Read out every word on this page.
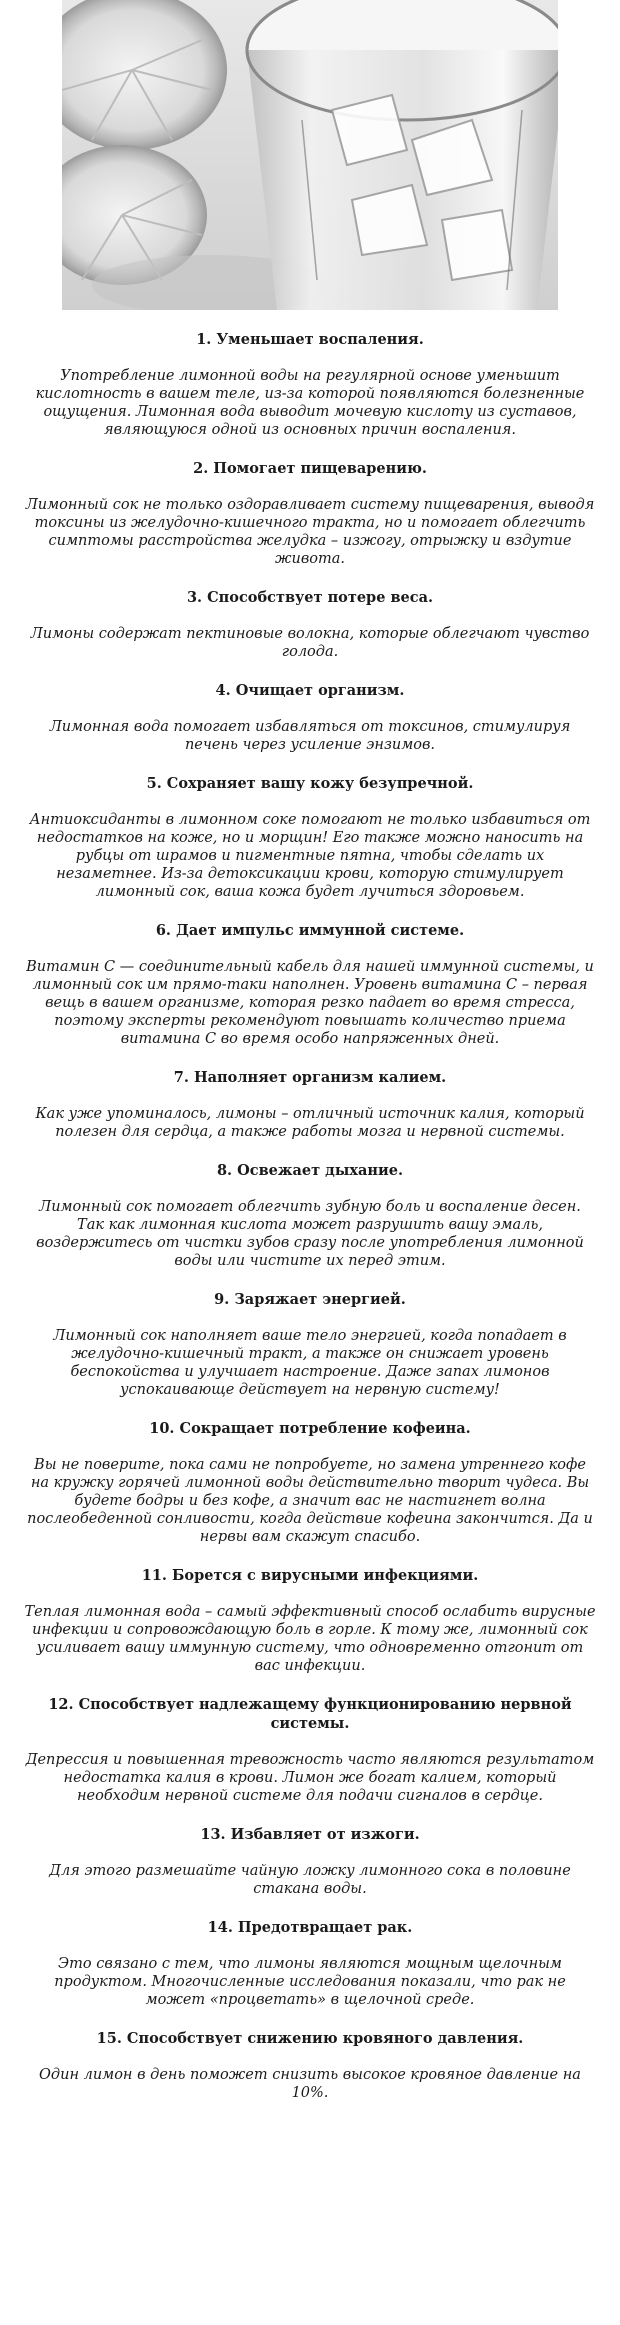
1. Уменьшает воспаления.

Употребление лимонной воды на регулярной основе уменьшит кислотность в вашем теле, из-за которой появляются болезненные ощущения. Лимонная вода выводит мочевую кислоту из суставов, являющуюся одной из основных причин воспаления.

2. Помогает пищеварению.

Лимонный сок не только оздоравливает систему пищеварения, выводя токсины из желудочно-кишечного тракта, но и помогает облегчить симптомы расстройства желудка – изжогу, отрыжку и вздутие живота.

3. Способствует потере веса.

Лимоны содержат пектиновые волокна, которые облегчают чувство голода.

4. Очищает организм.

Лимонная вода помогает избавляться от токсинов, стимулируя печень через усиление энзимов.

5. Сохраняет вашу кожу безупречной.

Антиоксиданты в лимонном соке помогают не только избавиться от недостатков на коже, но и морщин! Его также можно наносить на рубцы от шрамов и пигментные пятна, чтобы сделать их незаметнее. Из-за детоксикации крови, которую стимулирует лимонный сок, ваша кожа будет лучиться здоровьем.

6. Дает импульс иммунной системе.

Витамин С — соединительный кабель для нашей иммунной системы, и лимонный сок им прямо-таки наполнен. Уровень витамина С – первая вещь в вашем организме, которая резко падает во время стресса, поэтому эксперты рекомендуют повышать количество приема витамина С во время особо напряженных дней.

7. Наполняет организм калием.

Как уже упоминалось, лимоны – отличный источник калия, который полезен для сердца, а также работы мозга и нервной системы.

8. Освежает дыхание.

Лимонный сок помогает облегчить зубную боль и воспаление десен. Так как лимонная кислота может разрушить вашу эмаль, воздержитесь от чистки зубов сразу после употребления лимонной воды или чистите их перед этим.

9. Заряжает энергией.

Лимонный сок наполняет ваше тело энергией, когда попадает в желудочно-кишечный тракт, а также он снижает уровень беспокойства и улучшает настроение. Даже запах лимонов успокаивающе действует на нервную систему!

10. Сокращает потребление кофеина.

Вы не поверите, пока сами не попробуете, но замена утреннего кофе на кружку горячей лимонной воды действительно творит чудеса. Вы будете бодры и без кофе, а значит вас не настигнет волна послеобеденной сонливости, когда действие кофеина закончится. Да и нервы вам скажут спасибо.

11. Борется с вирусными инфекциями.

Теплая лимонная вода – самый эффективный способ ослабить вирусные инфекции и сопровождающую боль в горле. К тому же, лимонный сок усиливает вашу иммунную систему, что одновременно отгонит от вас инфекции.

12. Способствует надлежащему функционированию нервной системы.

Депрессия и повышенная тревожность часто являются результатом недостатка калия в крови. Лимон же богат калием, который необходим нервной системе для подачи сигналов в сердце.

13. Избавляет от изжоги.

Для этого размешайте чайную ложку лимонного сока в половине стакана воды.

14. Предотвращает рак.

Это связано с тем, что лимоны являются мощным щелочным продуктом. Многочисленные исследования показали, что рак не может «процветать» в щелочной среде.

15. Способствует снижению кровяного давления.

Один лимон в день поможет снизить высокое кровяное давление на 10%.
